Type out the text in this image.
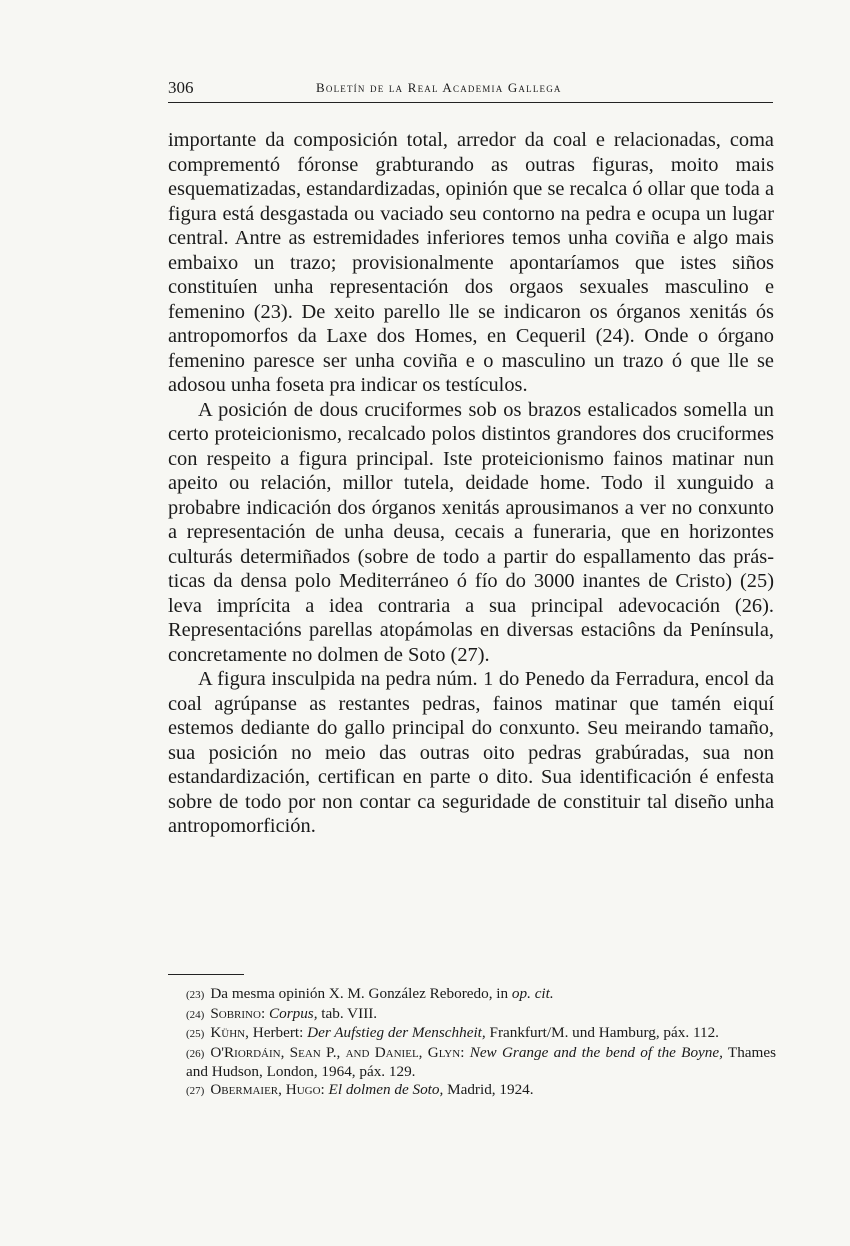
306	Boletín de la Real Academia Gallega

importante da composición total, arredor da coal e relacionadas, coma comprementó fóronse grabturando as outras figuras, moito mais esquematizadas, estandardizadas, opinión que se recalca ó ollar que toda a figura está desgastada ou vaciado seu contorno na pedra e ocupa un lugar central. Antre as estremidades inferiores temos unha coviña e algo mais embaixo un trazo; provisionalmente apontaríamos que istes siños constituíen unha representación dos orgaos sexuales masculino e femenino (23). De xeito parello lle se indicaron os órganos xenitás ós antropomorfos da Laxe dos Homes, en Cequeril (24). Onde o órgano femenino paresce ser unha coviña e o masculino un trazo ó que lle se adosou unha foseta pra indicar os testículos.

A posición de dous cruciformes sob os brazos estalicados somella un certo proteicionismo, recalcado polos distintos grandores dos cruciformes con respeito a figura principal. Iste proteicionismo fainos matinar nun apeito ou relación, millor tutela, deidade home. Todo il xunguido a probabre indicación dos órganos xenitás aprousimanos a ver no conxunto a representación de unha deusa, cecais a funeraria, que en horizontes culturás determiñados (sobre de todo a partir do espallamento das prásticas da densa polo Mediterráneo ó fío do 3000 inantes de Cristo) (25) leva imprícita a idea contraria a sua principal adevocación (26). Representacións parellas atopámolas en diversas estaciôns da Península, concretamente no dolmen de Soto (27).

A figura insculpida na pedra núm. 1 do Penedo da Ferradura, encol da coal agrúpanse as restantes pedras, fainos matinar que tamén eiquí estemos dediante do gallo principal do conxunto. Seu meirando tamaño, sua posición no meio das outras oito pedras grabúradas, sua non estandardización, certifican en parte o dito. Sua identificación é enfesta sobre de todo por non contar ca seguridade de constituir tal diseño unha antropomorfición.

(23) Da mesma opinión X. M. González Reboredo, in op. cit.

(24) Sobrino: Corpus, tab. VIII.

(25) Kühn, Herbert: Der Aufstieg der Menschheit, Frankfurt/M. und Hamburg, páx. 112.

(26) O'Riordáin, Sean P., and Daniel, Glyn: New Grange and the bend of the Boyne, Thames and Hudson, London, 1964, páx. 129.

(27) Obermaier, Hugo: El dolmen de Soto, Madrid, 1924.
